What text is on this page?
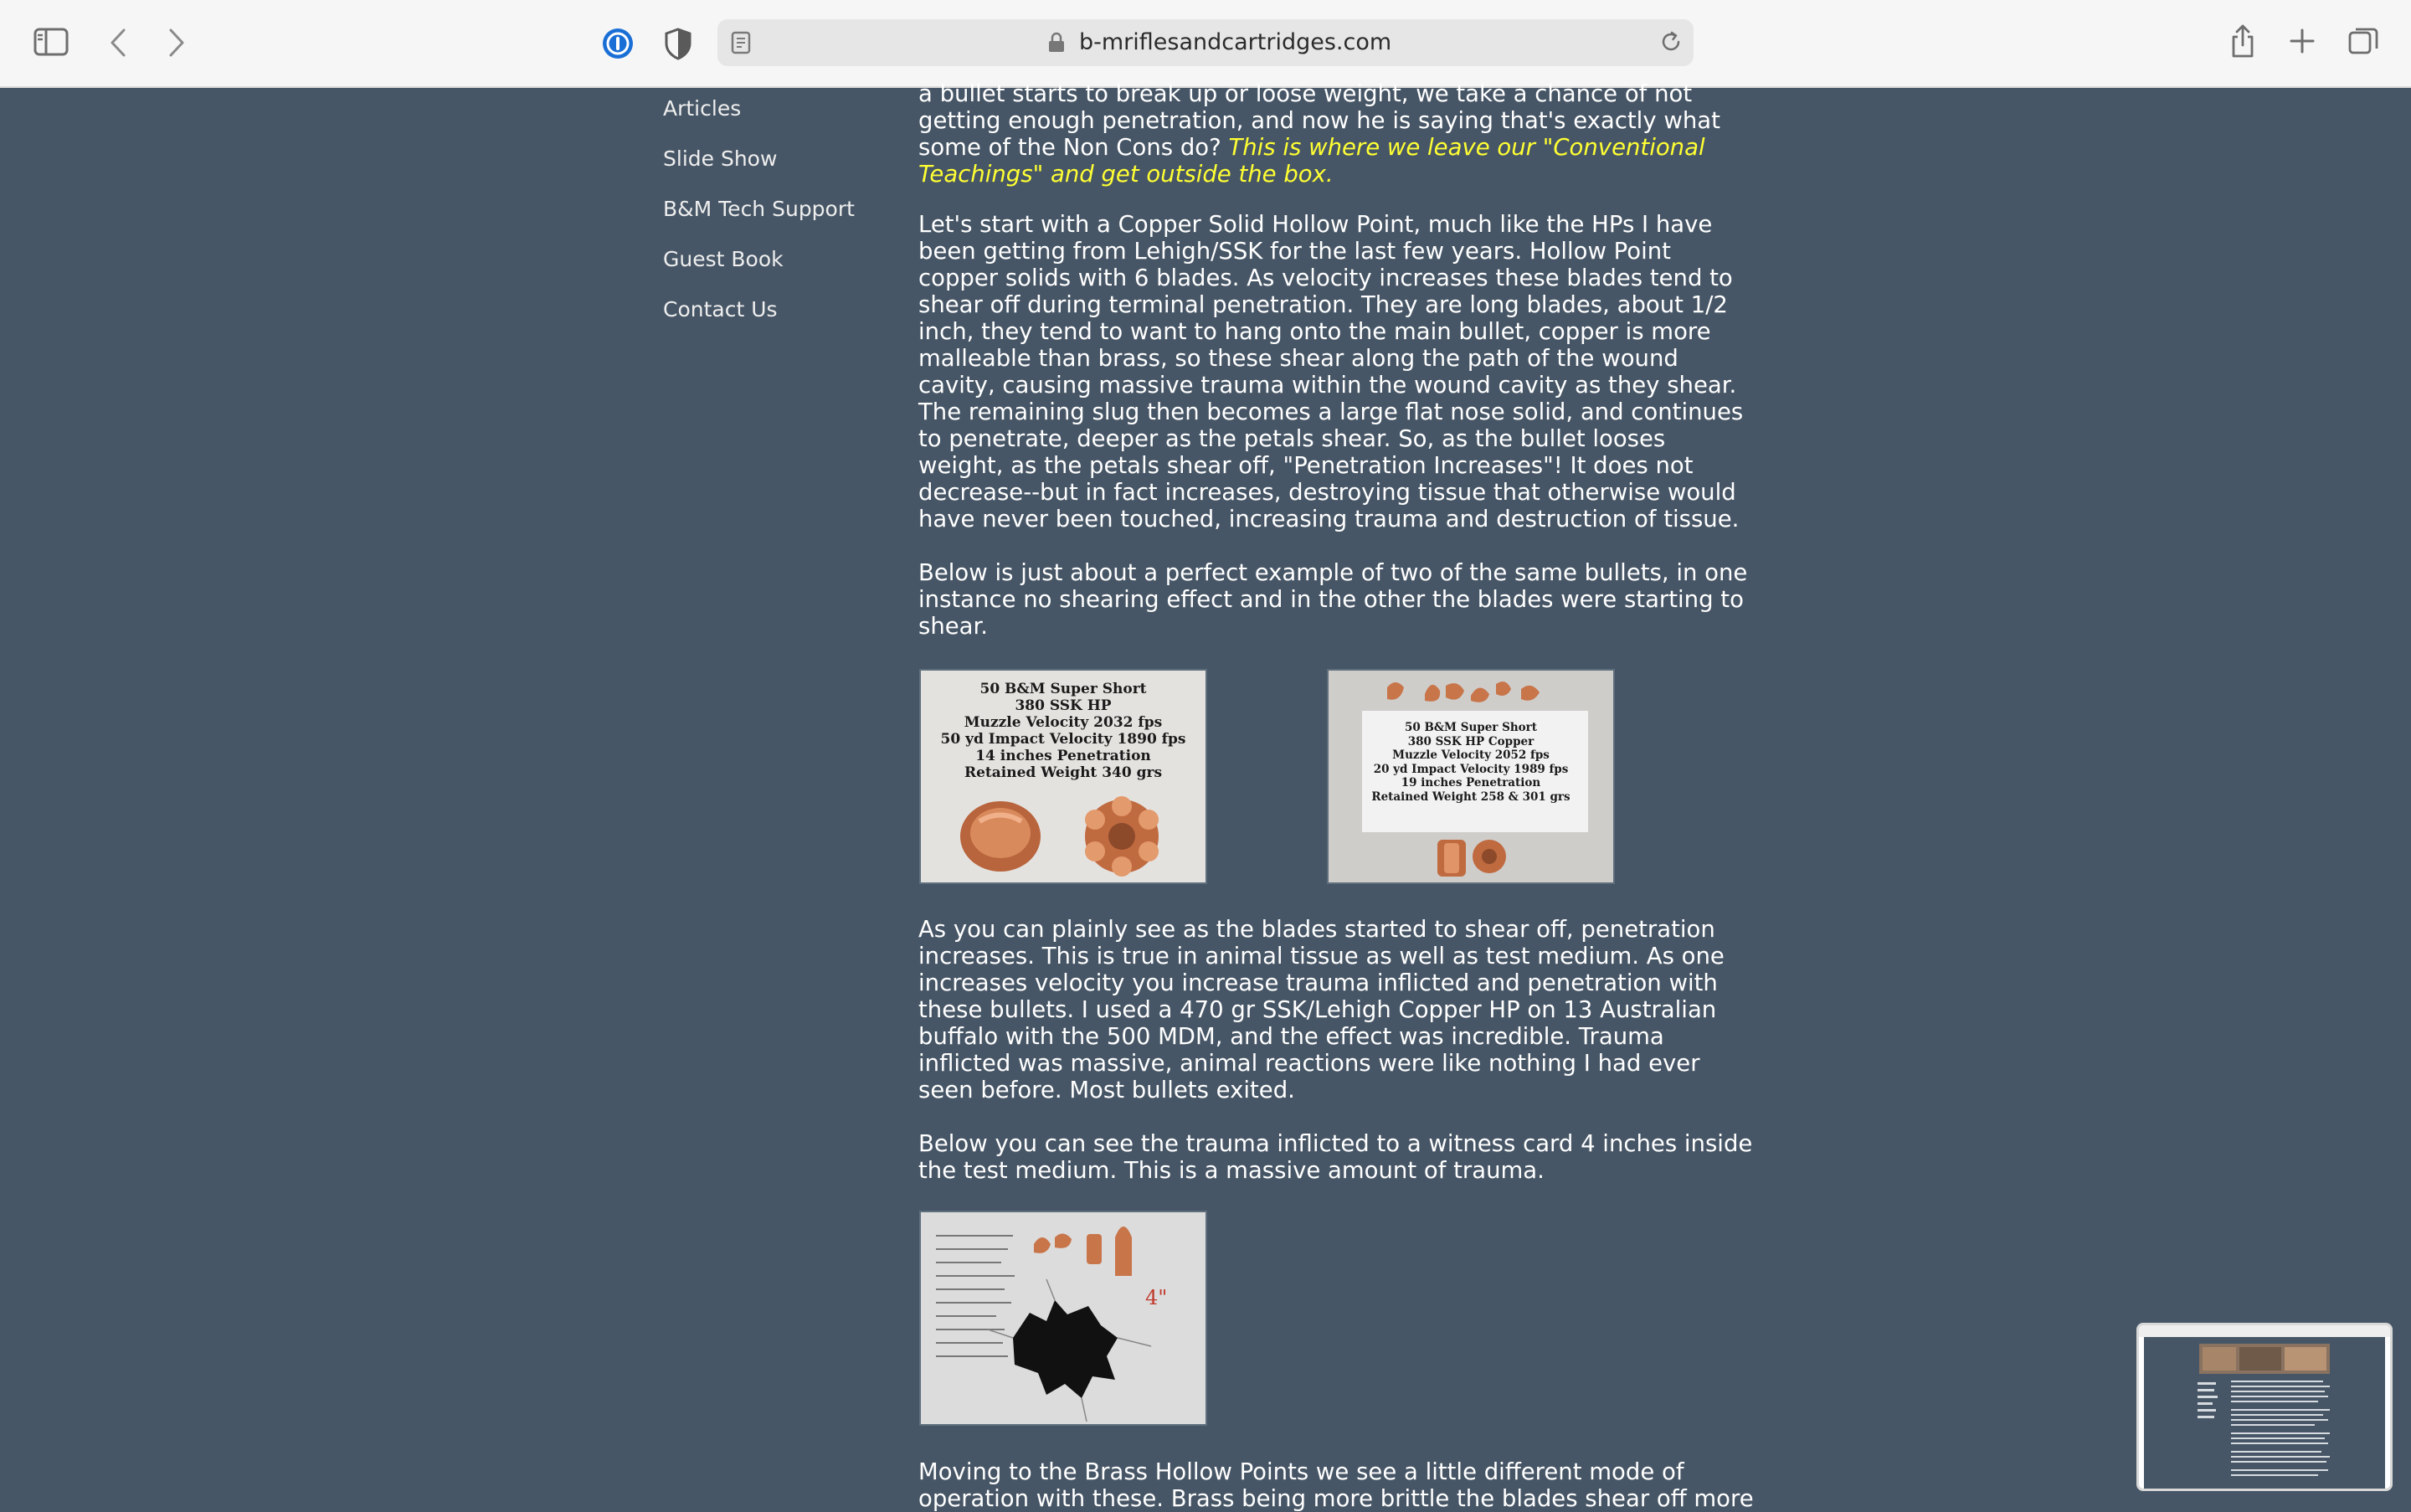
b-mriflesandcartridges.com
Articles
Slide Show
B&M Tech Support
Guest Book
Contact Us

a bullet starts to break up or loose weight, we take a chance of not getting enough penetration, and now he is saying that's exactly what some of the Non Cons do? This is where we leave our "Conventional Teachings" and get outside the box.

Let's start with a Copper Solid Hollow Point, much like the HPs I have been getting from Lehigh/SSK for the last few years. Hollow Point copper solids with 6 blades. As velocity increases these blades tend to shear off during terminal penetration. They are long blades, about 1/2 inch, they tend to want to hang onto the main bullet, copper is more malleable than brass, so these shear along the path of the wound cavity, causing massive trauma within the wound cavity as they shear. The remaining slug then becomes a large flat nose solid, and continues to penetrate, deeper as the petals shear. So, as the bullet looses weight, as the petals shear off, "Penetration Increases"! It does not decrease--but in fact increases, destroying tissue that otherwise would have never been touched, increasing trauma and destruction of tissue.

Below is just about a perfect example of two of the same bullets, in one instance no shearing effect and in the other the blades were starting to shear.

As you can plainly see as the blades started to shear off, penetration increases. This is true in animal tissue as well as test medium. As one increases velocity you increase trauma inflicted and penetration with these bullets. I used a 470 gr SSK/Lehigh Copper HP on 13 Australian buffalo with the 500 MDM, and the effect was incredible. Trauma inflicted was massive, animal reactions were like nothing I had ever seen before. Most bullets exited.

Below you can see the trauma inflicted to a witness card 4 inches inside the test medium. This is a massive amount of trauma.

Moving to the Brass Hollow Points we see a little different mode of operation with these. Brass being more brittle the blades shear off more

50 B&M Super Short
380 SSK HP
Muzzle Velocity 2032 fps
50 yd Impact Velocity 1890 fps
14 inches Penetration
Retained Weight 340 grs
50 B&M Super Short
380 SSK HP Copper
Muzzle Velocity 2052 fps
20 yd Impact Velocity 1989 fps
19 inches Penetration
Retained Weight 258 & 301 grs
4"
